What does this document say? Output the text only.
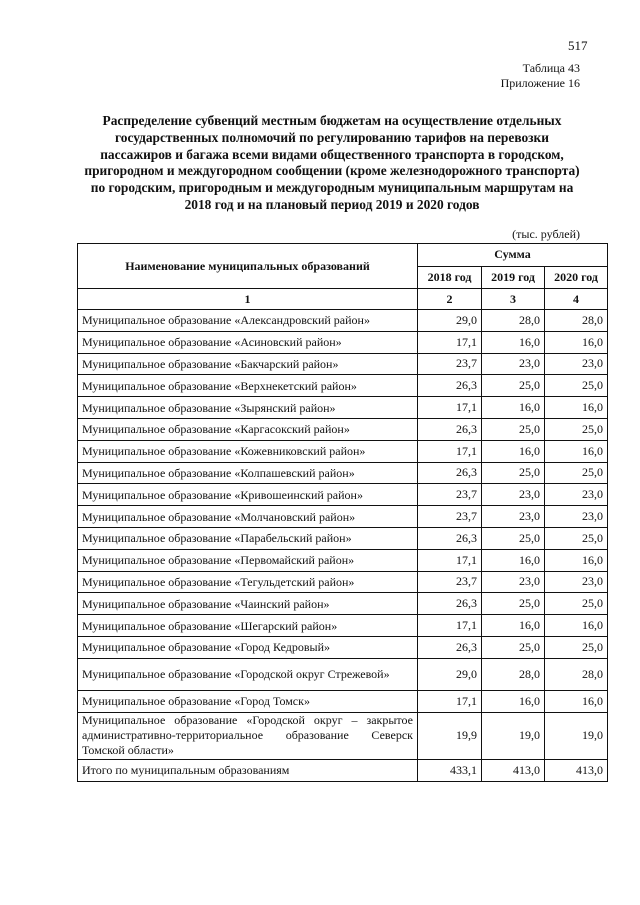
517
Таблица 43
Приложение 16
Распределение субвенций местным бюджетам на осуществление отдельных государственных полномочий по регулированию тарифов на перевозки пассажиров и багажа всеми видами общественного транспорта в городском, пригородном и междугородном сообщении (кроме железнодорожного транспорта) по городским, пригородным и междугородным муниципальным маршрутам на 2018 год и на плановый период 2019 и 2020 годов
(тыс. рублей)
Наименование муниципальных образований	Сумма		
	2018 год	2019 год	2020 год
1	2	3	4
Муниципальное образование «Александровский район»	29,0	28,0	28,0
Муниципальное образование «Асиновский район»	17,1	16,0	16,0
Муниципальное образование «Бакчарский район»	23,7	23,0	23,0
Муниципальное образование «Верхнекетский район»	26,3	25,0	25,0
Муниципальное образование «Зырянский район»	17,1	16,0	16,0
Муниципальное образование «Каргасокский район»	26,3	25,0	25,0
Муниципальное образование «Кожевниковский район»	17,1	16,0	16,0
Муниципальное образование «Колпашевский район»	26,3	25,0	25,0
Муниципальное образование «Кривошеинский район»	23,7	23,0	23,0
Муниципальное образование «Молчановский район»	23,7	23,0	23,0
Муниципальное образование «Парабельский район»	26,3	25,0	25,0
Муниципальное образование «Первомайский район»	17,1	16,0	16,0
Муниципальное образование «Тегульдетский район»	23,7	23,0	23,0
Муниципальное образование «Чаинский район»	26,3	25,0	25,0
Муниципальное образование «Шегарский район»	17,1	16,0	16,0
Муниципальное образование «Город Кедровый»	26,3	25,0	25,0
Муниципальное образование «Городской округ Стрежевой»	29,0	28,0	28,0
Муниципальное образование «Город Томск»	17,1	16,0	16,0
Муниципальное образование «Городской округ – закрытое административно-территориальное образование Северск Томской области»	19,9	19,0	19,0
Итого по муниципальным образованиям	433,1	413,0	413,0
